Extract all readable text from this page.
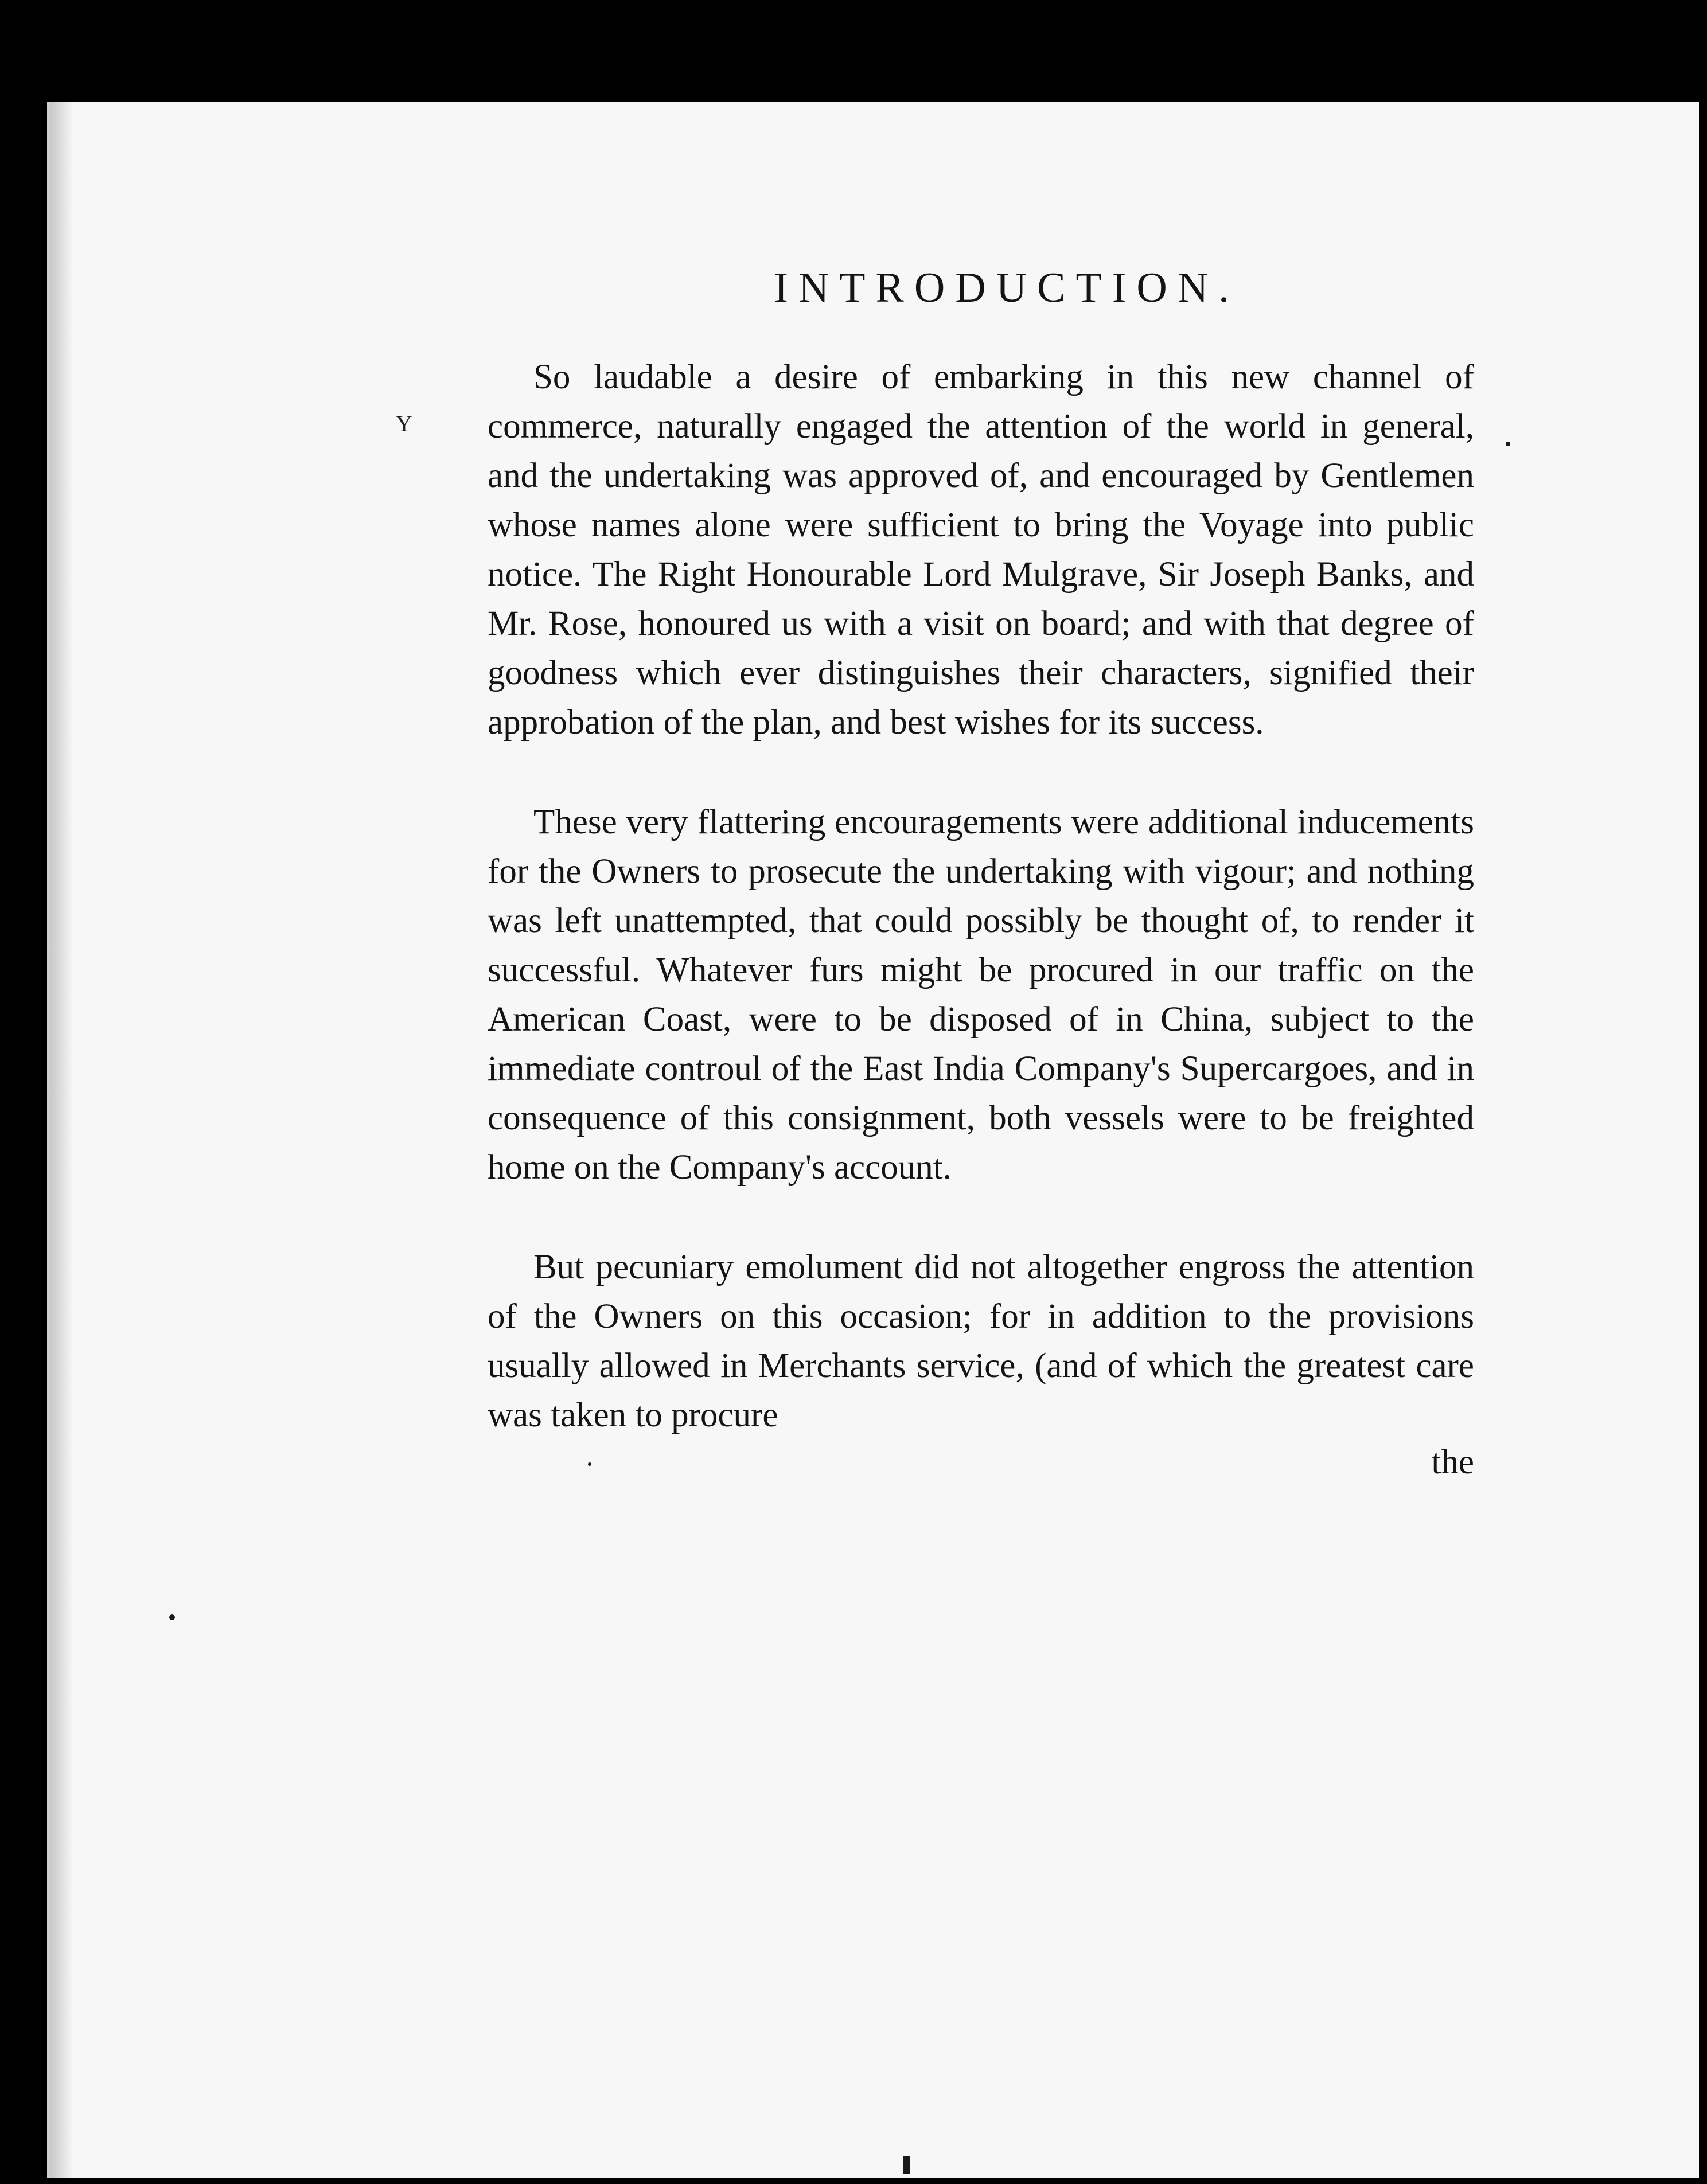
Y
INTRODUCTION.

So laudable a desire of embarking in this new channel of commerce, naturally engaged the attention of the world in general, and the undertaking was approved of, and encouraged by Gentlemen whose names alone were sufficient to bring the Voyage into public notice. The Right Honourable Lord Mulgrave, Sir Joseph Banks, and Mr. Rose, honoured us with a visit on board; and with that degree of goodness which ever distinguishes their characters, signified their approbation of the plan, and best wishes for its success.

These very flattering encouragements were additional inducements for the Owners to prosecute the undertaking with vigour; and nothing was left unattempted, that could possibly be thought of, to render it successful. Whatever furs might be procured in our traffic on the American Coast, were to be disposed of in China, subject to the immediate controul of the East India Company's Supercargoes, and in consequence of this consignment, both vessels were to be freighted home on the Company's account.

But pecuniary emolument did not altogether engross the attention of the Owners on this occasion; for in addition to the provisions usually allowed in Merchants service, (and of which the greatest care was taken to procure

the
